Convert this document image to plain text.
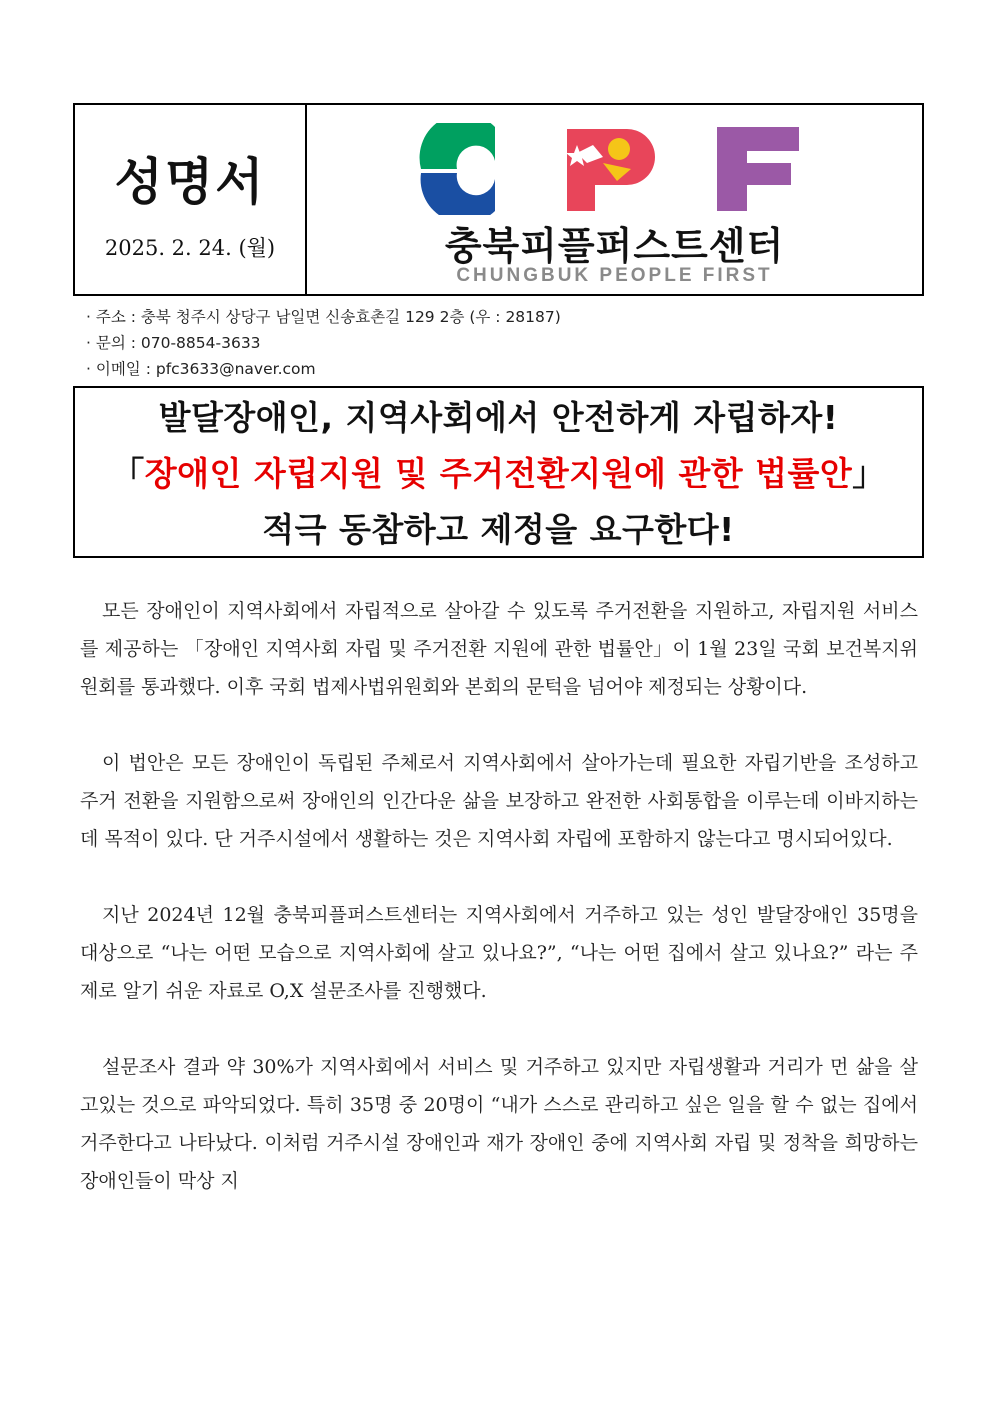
성명서
2025. 2. 24. (월)	충북피플퍼스트센터
CHUNGBUK PEOPLE FIRST
· 주소 : 충북 청주시 상당구 남일면 신송효촌길 129 2층 (우 : 28187)
· 문의 : 070-8854-3633
· 이메일 : pfc3633@naver.com
발달장애인, 지역사회에서 안전하게 자립하자!
「장애인 자립지원 및 주거전환지원에 관한 법률안」
적극 동참하고 제정을 요구한다!

모든 장애인이 지역사회에서 자립적으로 살아갈 수 있도록 주거전환을 지원하고, 자립지원 서비스를 제공하는 「장애인 지역사회 자립 및 주거전환 지원에 관한 법률안」이 1월 23일 국회 보건복지위원회를 통과했다. 이후 국회 법제사법위원회와 본회의 문턱을 넘어야 제정되는 상황이다.

이 법안은 모든 장애인이 독립된 주체로서 지역사회에서 살아가는데 필요한 자립기반을 조성하고 주거 전환을 지원함으로써 장애인의 인간다운 삶을 보장하고 완전한 사회통합을 이루는데 이바지하는데 목적이 있다. 단 거주시설에서 생활하는 것은 지역사회 자립에 포함하지 않는다고 명시되어있다.

지난 2024년 12월 충북피플퍼스트센터는 지역사회에서 거주하고 있는 성인 발달장애인 35명을 대상으로 “나는 어떤 모습으로 지역사회에 살고 있나요?”, “나는 어떤 집에서 살고 있나요?” 라는 주제로 알기 쉬운 자료로 O,X 설문조사를 진행했다.

설문조사 결과 약 30%가 지역사회에서 서비스 및 거주하고 있지만 자립생활과 거리가 먼 삶을 살고있는 것으로 파악되었다. 특히 35명 중 20명이 “내가 스스로 관리하고 싶은 일을 할 수 없는 집에서 거주한다고 나타났다. 이처럼 거주시설 장애인과 재가 장애인 중에 지역사회 자립 및 정착을 희망하는 장애인들이 막상 지
